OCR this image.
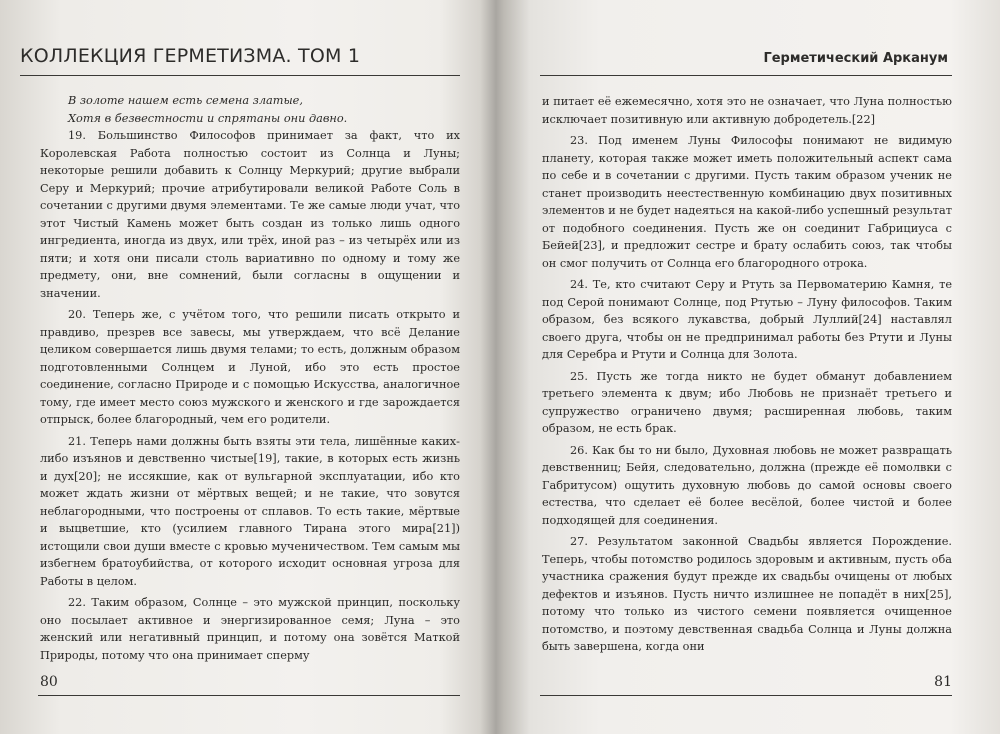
КОЛЛЕКЦИЯ ГЕРМЕТИЗМА. ТОМ 1
В золоте нашем есть семена златые,
Хотя в безвестности и спрятаны они давно.

19. Большинство Философов принимает за факт, что их Королевская Работа полностью состоит из Солнца и Луны; некоторые решили добавить к Солнцу Меркурий; другие выбрали Серу и Меркурий; прочие атрибутировали великой Работе Соль в сочетании с другими двумя элементами. Те же самые люди учат, что этот Чистый Камень может быть создан из только лишь одного ингредиента, иногда из двух, или трёх, иной раз – из четырёх или из пяти; и хотя они писали столь вариативно по одному и тому же предмету, они, вне сомнений, были согласны в ощущении и значении.

20. Теперь же, с учётом того, что решили писать открыто и правдиво, презрев все завесы, мы утверждаем, что всё Делание целиком совершается лишь двумя телами; то есть, должным образом подготовленными Солнцем и Луной, ибо это есть простое соединение, согласно Природе и с помощью Искусства, аналогичное тому, где имеет место союз мужского и женского и где зарождается отпрыск, более благородный, чем его родители.

21. Теперь нами должны быть взяты эти тела, лишённые каких-либо изъянов и девственно чистые[19], такие, в которых есть жизнь и дух[20]; не иссякшие, как от вульгарной эксплуатации, ибо кто может ждать жизни от мёртвых вещей; и не такие, что зовутся неблагородными, что построены от сплавов. То есть такие, мёртвые и выцветшие, кто (усилием главного Тирана этого мира[21]) истощили свои души вместе с кровью мученичеством. Тем самым мы избегнем братоубийства, от которого исходит основная угроза для Работы в целом.

22. Таким образом, Солнце – это мужской принцип, поскольку оно посылает активное и энергизированное семя; Луна – это женский или негативный принцип, и потому она зовётся Маткой Природы, потому что она принимает сперму

80
Герметический Арканум

и питает её ежемесячно, хотя это не означает, что Луна полностью исключает позитивную или активную добродетель.[22]

23. Под именем Луны Философы понимают не видимую планету, которая также может иметь положительный аспект сама по себе и в сочетании с другими. Пусть таким образом ученик не станет производить неестественную комбинацию двух позитивных элементов и не будет надеяться на какой-либо успешный результат от подобного соединения. Пусть же он соединит Габрициуса с Бейей[23], и предложит сестре и брату ослабить союз, так чтобы он смог получить от Солнца его благородного отрока.

24. Те, кто считают Серу и Ртуть за Первоматерию Камня, те под Серой понимают Солнце, под Ртутью – Луну философов. Таким образом, без всякого лукавства, добрый Луллий[24] наставлял своего друга, чтобы он не предпринимал работы без Ртути и Луны для Серебра и Ртути и Солнца для Золота.

25. Пусть же тогда никто не будет обманут добавлением третьего элемента к двум; ибо Любовь не признаёт третьего и супружество ограничено двумя; расширенная любовь, таким образом, не есть брак.

26. Как бы то ни было, Духовная любовь не может развращать девственниц; Бейя, следовательно, должна (прежде её помолвки с Габритусом) ощутить духовную любовь до самой основы своего естества, что сделает её более весёлой, более чистой и более подходящей для соединения.

27. Результатом законной Свадьбы является Порождение. Теперь, чтобы потомство родилось здоровым и активным, пусть оба участника сражения будут прежде их свадьбы очищены от любых дефектов и изъянов. Пусть ничто излишнее не попадёт в них[25], потому что только из чистого семени появляется очищенное потомство, и поэтому девственная свадьба Солнца и Луны должна быть завершена, когда они

81
